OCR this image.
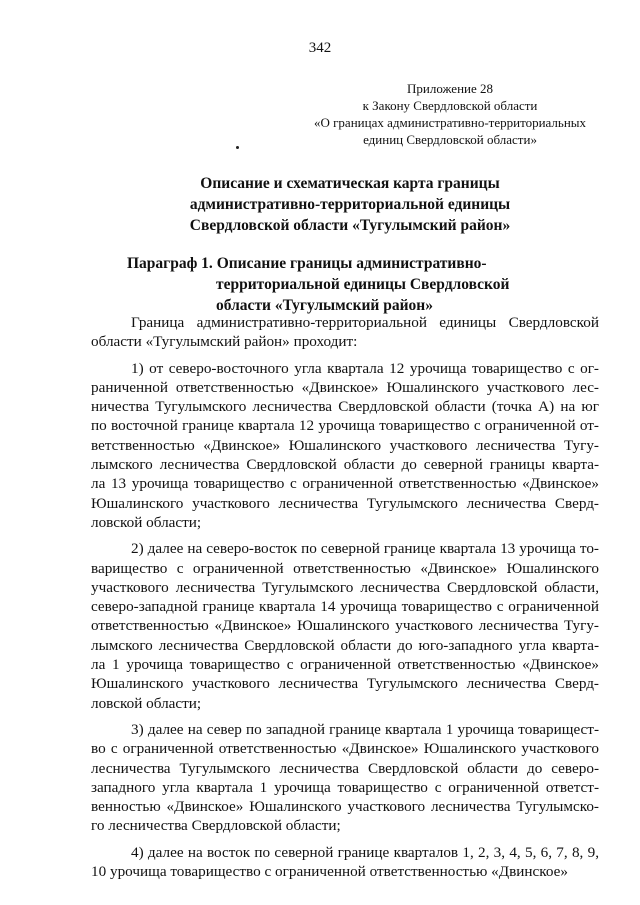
342
Приложение 28
к Закону Свердловской области
«О границах административно-территориальных
единиц Свердловской области»
Описание и схематическая карта границы
административно-территориальной единицы
Свердловской области «Тугулымский район»
Параграф 1. Описание границы административно-
территориальной единицы Свердловской
области «Тугулымский район»

Граница административно-территориальной единицы Свердловской
области «Тугулымский район» проходит:

1) от северо-восточного угла квартала 12 урочища товарищество с ог-
раниченной ответственностью «Двинское» Юшалинского участкового лес-
ничества Тугулымского лесничества Свердловской области (точка А) на юг
по восточной границе квартала 12 урочища товарищество с ограниченной от-
ветственностью «Двинское» Юшалинского участкового лесничества Тугу-
лымского лесничества Свердловской области до северной границы кварта-
ла 13 урочища товарищество с ограниченной ответственностью «Двинское»
Юшалинского участкового лесничества Тугулымского лесничества Сверд-
ловской области;

2) далее на северо-восток по северной границе квартала 13 урочища то-
варищество с ограниченной ответственностью «Двинское» Юшалинского
участкового лесничества Тугулымского лесничества Свердловской области,
северо-западной границе квартала 14 урочища товарищество с ограниченной
ответственностью «Двинское» Юшалинского участкового лесничества Тугу-
лымского лесничества Свердловской области до юго-западного угла кварта-
ла 1 урочища товарищество с ограниченной ответственностью «Двинское»
Юшалинского участкового лесничества Тугулымского лесничества Сверд-
ловской области;

3) далее на север по западной границе квартала 1 урочища товарищест-
во с ограниченной ответственностью «Двинское» Юшалинского участкового
лесничества Тугулымского лесничества Свердловской области до северо-
западного угла квартала 1 урочища товарищество с ограниченной ответст-
венностью «Двинское» Юшалинского участкового лесничества Тугулымско-
го лесничества Свердловской области;

4) далее на восток по северной границе кварталов 1, 2, 3, 4, 5, 6, 7, 8, 9,
10 урочища товарищество с ограниченной ответственностью «Двинское»
